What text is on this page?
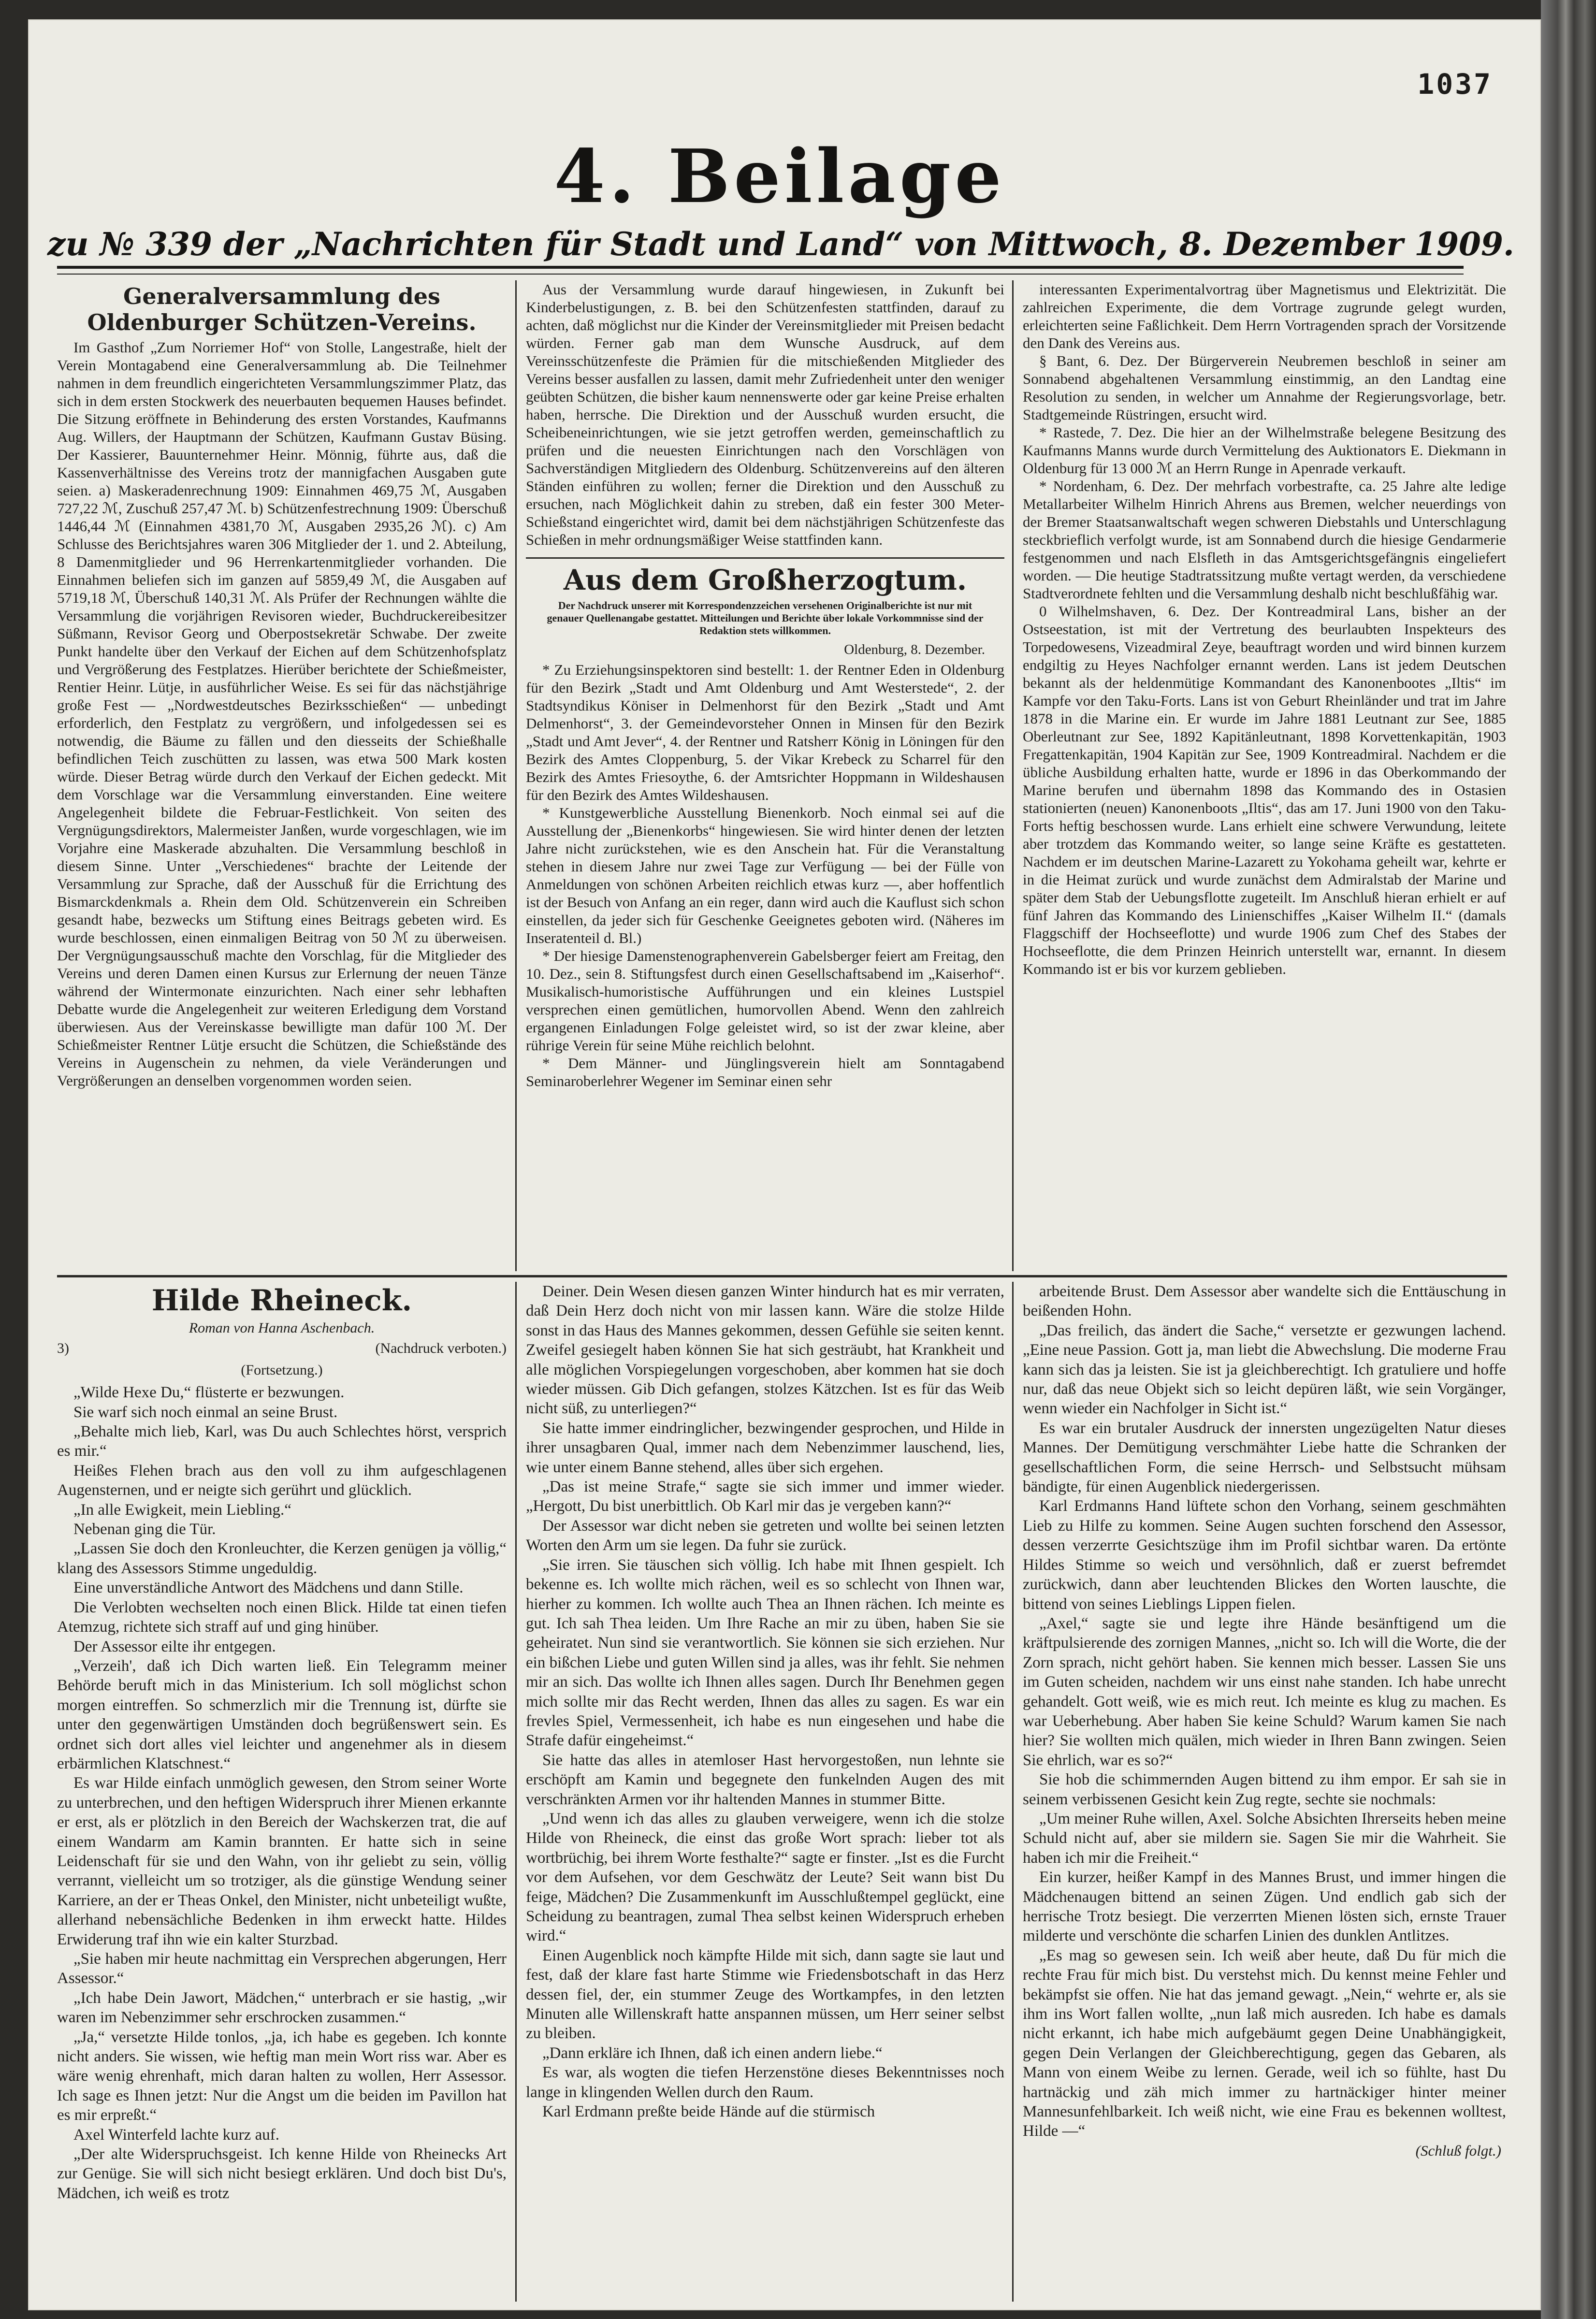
1037
4. Beilage
zu № 339 der „Nachrichten für Stadt und Land“ von Mittwoch, 8. Dezember 1909.
Generalversammlung des Oldenburger Schützen-Vereins.

Im Gasthof „Zum Norriemer Hof“ von Stolle, Langestraße, hielt der Verein Montagabend eine Generalversammlung ab. Die Teilnehmer nahmen in dem freundlich eingerichteten Versammlungszimmer Platz, das sich in dem ersten Stockwerk des neuerbauten bequemen Hauses befindet. Die Sitzung eröffnete in Behinderung des ersten Vorstandes, Kaufmanns Aug. Willers, der Hauptmann der Schützen, Kaufmann Gustav Büsing. Der Kassierer, Bauunternehmer Heinr. Mönnig, führte aus, daß die Kassenverhältnisse des Vereins trotz der mannigfachen Ausgaben gute seien. a) Maskeradenrechnung 1909: Einnahmen 469,75 ℳ, Ausgaben 727,22 ℳ, Zuschuß 257,47 ℳ. b) Schützenfestrechnung 1909: Überschuß 1446,44 ℳ (Einnahmen 4381,70 ℳ, Ausgaben 2935,26 ℳ). c) Am Schlusse des Berichtsjahres waren 306 Mitglieder der 1. und 2. Abteilung, 8 Damenmitglieder und 96 Herrenkartenmitglieder vorhanden. Die Einnahmen beliefen sich im ganzen auf 5859,49 ℳ, die Ausgaben auf 5719,18 ℳ, Überschuß 140,31 ℳ. Als Prüfer der Rechnungen wählte die Versammlung die vorjährigen Revisoren wieder, Buchdruckereibesitzer Süßmann, Revisor Georg und Oberpostsekretär Schwabe. Der zweite Punkt handelte über den Verkauf der Eichen auf dem Schützenhofsplatz und Vergrößerung des Festplatzes. Hierüber berichtete der Schießmeister, Rentier Heinr. Lütje, in ausführlicher Weise. Es sei für das nächstjährige große Fest — „Nordwestdeutsches Bezirksschießen“ — unbedingt erforderlich, den Festplatz zu vergrößern, und infolgedessen sei es notwendig, die Bäume zu fällen und den diesseits der Schießhalle befindlichen Teich zuschütten zu lassen, was etwa 500 Mark kosten würde. Dieser Betrag würde durch den Verkauf der Eichen gedeckt. Mit dem Vorschlage war die Versammlung einverstanden. Eine weitere Angelegenheit bildete die Februar-Festlichkeit. Von seiten des Vergnügungsdirektors, Malermeister Janßen, wurde vorgeschlagen, wie im Vorjahre eine Maskerade abzuhalten. Die Versammlung beschloß in diesem Sinne. Unter „Verschiedenes“ brachte der Leitende der Versammlung zur Sprache, daß der Ausschuß für die Errichtung des Bismarckdenkmals a. Rhein dem Old. Schützenverein ein Schreiben gesandt habe, bezwecks um Stiftung eines Beitrags gebeten wird. Es wurde beschlossen, einen einmaligen Beitrag von 50 ℳ zu überweisen. Der Vergnügungsausschuß machte den Vorschlag, für die Mitglieder des Vereins und deren Damen einen Kursus zur Erlernung der neuen Tänze während der Wintermonate einzurichten. Nach einer sehr lebhaften Debatte wurde die Angelegenheit zur weiteren Erledigung dem Vorstand überwiesen. Aus der Vereinskasse bewilligte man dafür 100 ℳ. Der Schießmeister Rentner Lütje ersucht die Schützen, die Schießstände des Vereins in Augenschein zu nehmen, da viele Veränderungen und Vergrößerungen an denselben vorgenommen worden seien.

Aus der Versammlung wurde darauf hingewiesen, in Zukunft bei Kinderbelustigungen, z. B. bei den Schützenfesten stattfinden, darauf zu achten, daß möglichst nur die Kinder der Vereinsmitglieder mit Preisen bedacht würden. Ferner gab man dem Wunsche Ausdruck, auf dem Vereinsschützenfeste die Prämien für die mitschießenden Mitglieder des Vereins besser ausfallen zu lassen, damit mehr Zufriedenheit unter den weniger geübten Schützen, die bisher kaum nennenswerte oder gar keine Preise erhalten haben, herrsche. Die Direktion und der Ausschuß wurden ersucht, die Scheibeneinrichtungen, wie sie jetzt getroffen werden, gemeinschaftlich zu prüfen und die neuesten Einrichtungen nach den Vorschlägen von Sachverständigen Mitgliedern des Oldenburg. Schützenvereins auf den älteren Ständen einführen zu wollen; ferner die Direktion und den Ausschuß zu ersuchen, nach Möglichkeit dahin zu streben, daß ein fester 300 Meter-Schießstand eingerichtet wird, damit bei dem nächstjährigen Schützenfeste das Schießen in mehr ordnungsmäßiger Weise stattfinden kann.

Aus dem Großherzogtum.
Der Nachdruck unserer mit Korrespondenzzeichen versehenen Originalberichte ist nur mit genauer Quellenangabe gestattet. Mitteilungen und Berichte über lokale Vorkommnisse sind der Redaktion stets willkommen.
Oldenburg, 8. Dezember.

* Zu Erziehungsinspektoren sind bestellt: 1. der Rentner Eden in Oldenburg für den Bezirk „Stadt und Amt Oldenburg und Amt Westerstede“, 2. der Stadtsyndikus Köniser in Delmenhorst für den Bezirk „Stadt und Amt Delmenhorst“, 3. der Gemeindevorsteher Onnen in Minsen für den Bezirk „Stadt und Amt Jever“, 4. der Rentner und Ratsherr König in Löningen für den Bezirk des Amtes Cloppenburg, 5. der Vikar Krebeck zu Scharrel für den Bezirk des Amtes Friesoythe, 6. der Amtsrichter Hoppmann in Wildeshausen für den Bezirk des Amtes Wildeshausen.

* Kunstgewerbliche Ausstellung Bienenkorb. Noch einmal sei auf die Ausstellung der „Bienenkorbs“ hingewiesen. Sie wird hinter denen der letzten Jahre nicht zurückstehen, wie es den Anschein hat. Für die Veranstaltung stehen in diesem Jahre nur zwei Tage zur Verfügung — bei der Fülle von Anmeldungen von schönen Arbeiten reichlich etwas kurz —, aber hoffentlich ist der Besuch von Anfang an ein reger, dann wird auch die Kauflust sich schon einstellen, da jeder sich für Geschenke Geeignetes geboten wird. (Näheres im Inseratenteil d. Bl.)

* Der hiesige Damenstenographenverein Gabelsberger feiert am Freitag, den 10. Dez., sein 8. Stiftungsfest durch einen Gesellschaftsabend im „Kaiserhof“. Musikalisch-humoristische Aufführungen und ein kleines Lustspiel versprechen einen gemütlichen, humorvollen Abend. Wenn den zahlreich ergangenen Einladungen Folge geleistet wird, so ist der zwar kleine, aber rührige Verein für seine Mühe reichlich belohnt.

* Dem Männer- und Jünglingsverein hielt am Sonntagabend Seminaroberlehrer Wegener im Seminar einen sehr

interessanten Experimentalvortrag über Magnetismus und Elektrizität. Die zahlreichen Experimente, die dem Vortrage zugrunde gelegt wurden, erleichterten seine Faßlichkeit. Dem Herrn Vortragenden sprach der Vorsitzende den Dank des Vereins aus.

§ Bant, 6. Dez. Der Bürgerverein Neubremen beschloß in seiner am Sonnabend abgehaltenen Versammlung einstimmig, an den Landtag eine Resolution zu senden, in welcher um Annahme der Regierungsvorlage, betr. Stadtgemeinde Rüstringen, ersucht wird.

* Rastede, 7. Dez. Die hier an der Wilhelmstraße belegene Besitzung des Kaufmanns Manns wurde durch Vermittelung des Auktionators E. Diekmann in Oldenburg für 13 000 ℳ an Herrn Runge in Apenrade verkauft.

* Nordenham, 6. Dez. Der mehrfach vorbestrafte, ca. 25 Jahre alte ledige Metallarbeiter Wilhelm Hinrich Ahrens aus Bremen, welcher neuerdings von der Bremer Staatsanwaltschaft wegen schweren Diebstahls und Unterschlagung steckbrieflich verfolgt wurde, ist am Sonnabend durch die hiesige Gendarmerie festgenommen und nach Elsfleth in das Amtsgerichtsgefängnis eingeliefert worden. — Die heutige Stadtratssitzung mußte vertagt werden, da verschiedene Stadtverordnete fehlten und die Versammlung deshalb nicht beschlußfähig war.

0 Wilhelmshaven, 6. Dez. Der Kontreadmiral Lans, bisher an der Ostseestation, ist mit der Vertretung des beurlaubten Inspekteurs des Torpedowesens, Vizeadmiral Zeye, beauftragt worden und wird binnen kurzem endgiltig zu Heyes Nachfolger ernannt werden. Lans ist jedem Deutschen bekannt als der heldenmütige Kommandant des Kanonenbootes „Iltis“ im Kampfe vor den Taku-Forts. Lans ist von Geburt Rheinländer und trat im Jahre 1878 in die Marine ein. Er wurde im Jahre 1881 Leutnant zur See, 1885 Oberleutnant zur See, 1892 Kapitänleutnant, 1898 Korvettenkapitän, 1903 Fregattenkapitän, 1904 Kapitän zur See, 1909 Kontreadmiral. Nachdem er die übliche Ausbildung erhalten hatte, wurde er 1896 in das Oberkommando der Marine berufen und übernahm 1898 das Kommando des in Ostasien stationierten (neuen) Kanonenboots „Iltis“, das am 17. Juni 1900 von den Taku-Forts heftig beschossen wurde. Lans erhielt eine schwere Verwundung, leitete aber trotzdem das Kommando weiter, so lange seine Kräfte es gestatteten. Nachdem er im deutschen Marine-Lazarett zu Yokohama geheilt war, kehrte er in die Heimat zurück und wurde zunächst dem Admiralstab der Marine und später dem Stab der Uebungsflotte zugeteilt. Im Anschluß hieran erhielt er auf fünf Jahren das Kommando des Linienschiffes „Kaiser Wilhelm II.“ (damals Flaggschiff der Hochseeflotte) und wurde 1906 zum Chef des Stabes der Hochseeflotte, die dem Prinzen Heinrich unterstellt war, ernannt. In diesem Kommando ist er bis vor kurzem geblieben.

Hilde Rheineck.
Roman von Hanna Aschenbach.
3)	(Nachdruck verboten.)
(Fortsetzung.)

„Wilde Hexe Du,“ flüsterte er bezwungen.

Sie warf sich noch einmal an seine Brust.

„Behalte mich lieb, Karl, was Du auch Schlechtes hörst, versprich es mir.“

Heißes Flehen brach aus den voll zu ihm aufgeschlagenen Augensternen, und er neigte sich gerührt und glücklich.

„In alle Ewigkeit, mein Liebling.“

Nebenan ging die Tür.

„Lassen Sie doch den Kronleuchter, die Kerzen genügen ja völlig,“ klang des Assessors Stimme ungeduldig.

Eine unverständliche Antwort des Mädchens und dann Stille.

Die Verlobten wechselten noch einen Blick. Hilde tat einen tiefen Atemzug, richtete sich straff auf und ging hinüber.

Der Assessor eilte ihr entgegen.

„Verzeih', daß ich Dich warten ließ. Ein Telegramm meiner Behörde beruft mich in das Ministerium. Ich soll möglichst schon morgen eintreffen. So schmerzlich mir die Trennung ist, dürfte sie unter den gegenwärtigen Umständen doch begrüßenswert sein. Es ordnet sich dort alles viel leichter und angenehmer als in diesem erbärmlichen Klatschnest.“

Es war Hilde einfach unmöglich gewesen, den Strom seiner Worte zu unterbrechen, und den heftigen Widerspruch ihrer Mienen erkannte er erst, als er plötzlich in den Bereich der Wachskerzen trat, die auf einem Wandarm am Kamin brannten. Er hatte sich in seine Leidenschaft für sie und den Wahn, von ihr geliebt zu sein, völlig verrannt, vielleicht um so trotziger, als die günstige Wendung seiner Karriere, an der er Theas Onkel, den Minister, nicht unbeteiligt wußte, allerhand nebensächliche Bedenken in ihm erweckt hatte. Hildes Erwiderung traf ihn wie ein kalter Sturzbad.

„Sie haben mir heute nachmittag ein Versprechen abgerungen, Herr Assessor.“

„Ich habe Dein Jawort, Mädchen,“ unterbrach er sie hastig, „wir waren im Nebenzimmer sehr erschrocken zusammen.“

„Ja,“ versetzte Hilde tonlos, „ja, ich habe es gegeben. Ich konnte nicht anders. Sie wissen, wie heftig man mein Wort riss war. Aber es wäre wenig ehrenhaft, mich daran halten zu wollen, Herr Assessor. Ich sage es Ihnen jetzt: Nur die Angst um die beiden im Pavillon hat es mir erpreßt.“

Axel Winterfeld lachte kurz auf.

„Der alte Widerspruchsgeist. Ich kenne Hilde von Rheinecks Art zur Genüge. Sie will sich nicht besiegt erklären. Und doch bist Du's, Mädchen, ich weiß es trotz

Deiner. Dein Wesen diesen ganzen Winter hindurch hat es mir verraten, daß Dein Herz doch nicht von mir lassen kann. Wäre die stolze Hilde sonst in das Haus des Mannes gekommen, dessen Gefühle sie seiten kennt. Zweifel gesiegelt haben können Sie hat sich gesträubt, hat Krankheit und alle möglichen Vorspiegelungen vorgeschoben, aber kommen hat sie doch wieder müssen. Gib Dich gefangen, stolzes Kätzchen. Ist es für das Weib nicht süß, zu unterliegen?“

Sie hatte immer eindringlicher, bezwingender gesprochen, und Hilde in ihrer unsagbaren Qual, immer nach dem Nebenzimmer lauschend, lies, wie unter einem Banne stehend, alles über sich ergehen.

„Das ist meine Strafe,“ sagte sie sich immer und immer wieder. „Hergott, Du bist unerbittlich. Ob Karl mir das je vergeben kann?“

Der Assessor war dicht neben sie getreten und wollte bei seinen letzten Worten den Arm um sie legen. Da fuhr sie zurück.

„Sie irren. Sie täuschen sich völlig. Ich habe mit Ihnen gespielt. Ich bekenne es. Ich wollte mich rächen, weil es so schlecht von Ihnen war, hierher zu kommen. Ich wollte auch Thea an Ihnen rächen. Ich meinte es gut. Ich sah Thea leiden. Um Ihre Rache an mir zu üben, haben Sie sie geheiratet. Nun sind sie verantwortlich. Sie können sie sich erziehen. Nur ein bißchen Liebe und guten Willen sind ja alles, was ihr fehlt. Sie nehmen mir an sich. Das wollte ich Ihnen alles sagen. Durch Ihr Benehmen gegen mich sollte mir das Recht werden, Ihnen das alles zu sagen. Es war ein frevles Spiel, Vermessenheit, ich habe es nun eingesehen und habe die Strafe dafür eingeheimst.“

Sie hatte das alles in atemloser Hast hervorgestoßen, nun lehnte sie erschöpft am Kamin und begegnete den funkelnden Augen des mit verschränkten Armen vor ihr haltenden Mannes in stummer Bitte.

„Und wenn ich das alles zu glauben verweigere, wenn ich die stolze Hilde von Rheineck, die einst das große Wort sprach: lieber tot als wortbrüchig, bei ihrem Worte festhalte?“ sagte er finster. „Ist es die Furcht vor dem Aufsehen, vor dem Geschwätz der Leute? Seit wann bist Du feige, Mädchen? Die Zusammenkunft im Ausschlußtempel geglückt, eine Scheidung zu beantragen, zumal Thea selbst keinen Widerspruch erheben wird.“

Einen Augenblick noch kämpfte Hilde mit sich, dann sagte sie laut und fest, daß der klare fast harte Stimme wie Friedensbotschaft in das Herz dessen fiel, der, ein stummer Zeuge des Wortkampfes, in den letzten Minuten alle Willenskraft hatte anspannen müssen, um Herr seiner selbst zu bleiben.

„Dann erkläre ich Ihnen, daß ich einen andern liebe.“

Es war, als wogten die tiefen Herzenstöne dieses Bekenntnisses noch lange in klingenden Wellen durch den Raum.

Karl Erdmann preßte beide Hände auf die stürmisch

arbeitende Brust. Dem Assessor aber wandelte sich die Enttäuschung in beißenden Hohn.

„Das freilich, das ändert die Sache,“ versetzte er gezwungen lachend. „Eine neue Passion. Gott ja, man liebt die Abwechslung. Die moderne Frau kann sich das ja leisten. Sie ist ja gleichberechtigt. Ich gratuliere und hoffe nur, daß das neue Objekt sich so leicht depüren läßt, wie sein Vorgänger, wenn wieder ein Nachfolger in Sicht ist.“

Es war ein brutaler Ausdruck der innersten ungezügelten Natur dieses Mannes. Der Demütigung verschmähter Liebe hatte die Schranken der gesellschaftlichen Form, die seine Herrsch- und Selbstsucht mühsam bändigte, für einen Augenblick niedergerissen.

Karl Erdmanns Hand lüftete schon den Vorhang, seinem geschmähten Lieb zu Hilfe zu kommen. Seine Augen suchten forschend den Assessor, dessen verzerrte Gesichtszüge ihm im Profil sichtbar waren. Da ertönte Hildes Stimme so weich und versöhnlich, daß er zuerst befremdet zurückwich, dann aber leuchtenden Blickes den Worten lauschte, die bittend von seines Lieblings Lippen fielen.

„Axel,“ sagte sie und legte ihre Hände besänftigend um die kräftpulsierende des zornigen Mannes, „nicht so. Ich will die Worte, die der Zorn sprach, nicht gehört haben. Sie kennen mich besser. Lassen Sie uns im Guten scheiden, nachdem wir uns einst nahe standen. Ich habe unrecht gehandelt. Gott weiß, wie es mich reut. Ich meinte es klug zu machen. Es war Ueberhebung. Aber haben Sie keine Schuld? Warum kamen Sie nach hier? Sie wollten mich quälen, mich wieder in Ihren Bann zwingen. Seien Sie ehrlich, war es so?“

Sie hob die schimmernden Augen bittend zu ihm empor. Er sah sie in seinem verbissenen Gesicht kein Zug regte, sechte sie nochmals:

„Um meiner Ruhe willen, Axel. Solche Absichten Ihrerseits heben meine Schuld nicht auf, aber sie mildern sie. Sagen Sie mir die Wahrheit. Sie haben ich mir die Freiheit.“

Ein kurzer, heißer Kampf in des Mannes Brust, und immer hingen die Mädchenaugen bittend an seinen Zügen. Und endlich gab sich der herrische Trotz besiegt. Die verzerrten Mienen lösten sich, ernste Trauer milderte und verschönte die scharfen Linien des dunklen Antlitzes.

„Es mag so gewesen sein. Ich weiß aber heute, daß Du für mich die rechte Frau für mich bist. Du verstehst mich. Du kennst meine Fehler und bekämpfst sie offen. Nie hat das jemand gewagt. „Nein,“ wehrte er, als sie ihm ins Wort fallen wollte, „nun laß mich ausreden. Ich habe es damals nicht erkannt, ich habe mich aufgebäumt gegen Deine Unabhängigkeit, gegen Dein Verlangen der Gleichberechtigung, gegen das Gebaren, als Mann von einem Weibe zu lernen. Gerade, weil ich so fühlte, hast Du hartnäckig und zäh mich immer zu hartnäckiger hinter meiner Mannesunfehlbarkeit. Ich weiß nicht, wie eine Frau es bekennen wolltest, Hilde —“

(Schluß folgt.)
